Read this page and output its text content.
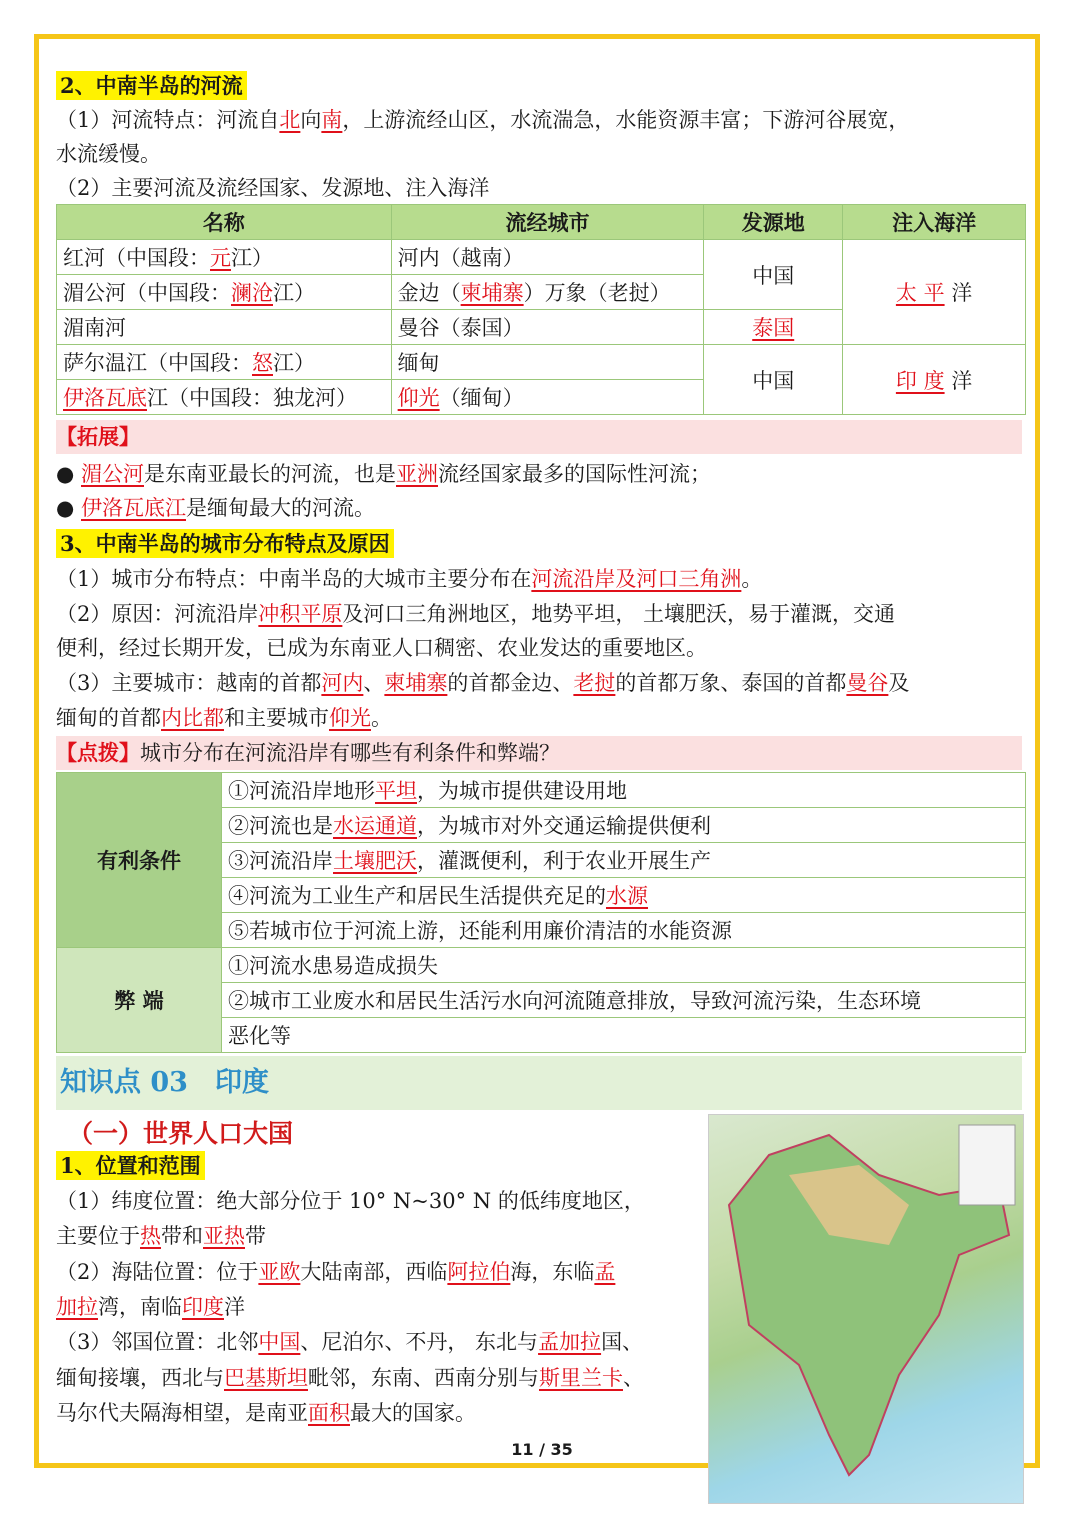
2、中南半岛的河流
（1）河流特点：河流自北向南，上游流经山区，水流湍急，水能资源丰富；下游河谷展宽，
水流缓慢。
（2）主要河流及流经国家、发源地、注入海洋
名称	流经城市	发源地	注入海洋
红河（中国段：元江）	河内（越南）	中国	太 平 洋
湄公河（中国段：澜沧江）	金边（柬埔寨）万象（老挝）		
湄南河	曼谷（泰国）	泰国	
萨尔温江（中国段：怒江）	缅甸	中国	印 度 洋
伊洛瓦底江（中国段：独龙河）	仰光（缅甸）		
【拓展】
● 湄公河是东南亚最长的河流，也是亚洲流经国家最多的国际性河流；
● 伊洛瓦底江是缅甸最大的河流。
3、中南半岛的城市分布特点及原因
（1）城市分布特点：中南半岛的大城市主要分布在河流沿岸及河口三角洲。
（2）原因：河流沿岸冲积平原及河口三角洲地区，地势平坦， 土壤肥沃，易于灌溉，交通
便利，经过长期开发，已成为东南亚人口稠密、农业发达的重要地区。
（3）主要城市：越南的首都河内、柬埔寨的首都金边、老挝的首都万象、泰国的首都曼谷及
缅甸的首都内比都和主要城市仰光。
【点拨】城市分布在河流沿岸有哪些有利条件和弊端？
有利条件	①河流沿岸地形平坦，为城市提供建设用地
	②河流也是水运通道，为城市对外交通运输提供便利
	③河流沿岸土壤肥沃，灌溉便利，利于农业开展生产
	④河流为工业生产和居民生活提供充足的水源
	⑤若城市位于河流上游，还能利用廉价清洁的水能资源
弊 端	①河流水患易造成损失
	②城市工业废水和居民生活污水向河流随意排放，导致河流污染，生态环境
	恶化等
知识点 03　印度
（一）世界人口大国
1、位置和范围
（1）纬度位置：绝大部分位于 10° N~30° N 的低纬度地区，
主要位于热带和亚热带
（2）海陆位置：位于亚欧大陆南部，西临阿拉伯海，东临孟
加拉湾，南临印度洋
（3）邻国位置：北邻中国、尼泊尔、不丹， 东北与孟加拉国、
缅甸接壤，西北与巴基斯坦毗邻，东南、西南分别与斯里兰卡、
马尔代夫隔海相望，是南亚面积最大的国家。
11 / 35
